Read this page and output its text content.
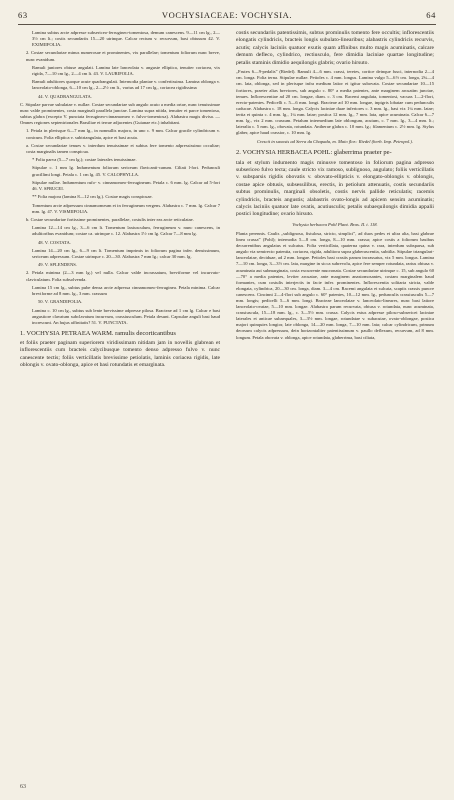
63	VOCHYSIACEAE: VOCHYSIA.	64

Lamina subtus arcte adpresse subsericeo-ferrugineo-tomentosa, demum canescens. 9—11 cm lg., 2—3½ cm lt.; costis secundariis 15—20 utrinque. Calcar rectum v. recurvum, basi obtusum 42. V. EXIMIIFOLIA.

2. Costae secundariae minus numerosae et prominentes, vix parallelae; tomentum foliorum nunc breve, nunc evanidum.

Ramuli juniores obtuse angulati. Lamina late lanceolata v. anguste elliptica, tenuiter coriacea, vix rigida, 7—10 cm lg., 2—4 cm lt. 43. V. LAURIFOLIA.

Ramuli adultiores quoque acute quadrangulati. Internodia plantae v. confertissima. Lamina oblonga v. lanceolato-oblonga, 6—10 cm lg., 2—2½ cm lt., varius ad 17 cm lg., coriacea rigidissima

44. V. QUADRANGULATA.

C. Stipulae parvae subulatae v. nullae. Costae secundariae sub angulo acuto a media ortae, nunc tenuissimae nunc valde prominentes, costa marginali parallela junctae. Lamina supra nitida, tenuiter et parce tomentosa, subtus glabra (excepto V. punctata ferrugineo-cinnamomeo v. fulvo-tomentosa). Alabastra magis divisa. — Omnes regiones septentrionales Brasiliae et terrae adjacentes (Guianae etc.) inhabitant.

1. Petala in plerisque 6—7 mm lg., in nonnullis majora, in uno c. 9 mm. Calcar gracile cylindricum v. conicum. Folia elliptica v. subtriangulata, apice et basi acuta.

a. Costae secundariae tenues v. interdum tenuissimae et subtus fere tomento adpressissimo occultae; costa marginalis tamen conspicua.

* Folia parva (5—7 cm lg.); costae laterales tenuissimae.

Stipulae c. 1 mm lg. Indumentum foliorum sericeum flavicanti-canum. Ciliati l-fori. Pedunculi gracillimi longi. Petala c. 1 cm lg. 45. V. CALOPHYLLA.

Stipulae nullae. Indumentum rufo- v. cinnamomeo-ferrugineum. Petala c. 6 mm. lg. Calcar ad 5-fori 46. V. SPRUCEI.

** Folia majora (lamina 8—12 cm lg.). Costae magis conspicuae.

Tomentum arcte adpressum cinnamomeum et in ferrugineum vergens. Alabastra c. 7 mm. lg. Calcar 7 mm. lg. 47. V. VISMIIFOLIA.

b. Costae secundariae fortissime prominentes, parallelae, costulis inter eas arcte reticulatae.

Lamina 12—14 cm lg., 3—6 cm lt. Tomentum laxiusculum, ferrugineum v. nunc canescens, in adultioribus evanidum; costae ca. utrinque c. 12. Alabastra 1½ cm lg. Calcar 7—8 mm lg.

48. V. COSTATA.

Lamina 14—20 cm lg., 6—9 cm lt. Tomentum imprimis in foliorum pagina infer. densissimum, sericeum adpressum. Costae utrinque c. 20—30. Alabastra 7 mm lg.; calcar 30 mm. lg.

49. V. SPLENDENS.

2. Petala minima (2—3 mm lg.) vel nulla. Calcar valde incrassatum, breviforme vel incurvato-claviculatum. Folia subsolvenda.

Lamina 15 cm lg., subtus pube densa arcte adpressa cinnamomeo-ferruginea. Petala minima. Calcar breviforme ad 8 mm. lg., 3 mm. crassum

50. V. GRANDIFOLIA.

Lamina c. 10 cm lg., subtus sub lente brevissime adpresse pilosa. Bracteae ad 1 cm lg. Calcar e basi angustiore clavatum subclavatum incurvum, crassiusculum. Petala desunt. Capsulae anguli basi haud increscunt. An hujus affinitatis? 51. V. PUNCTATA.

1. VOCHYSIA PETRAEA WARM. ramulis decorticantibus

et foliis praeter paginam superiorem viridissimam nitidam jam in novellis glabrean et inflorescentiis cum bracteis calycibusque tomento denso adpresso fulvo v. nunc canescente tectis; foliis verticillatis brevissime petiolatis, laminis coriacea rigidis, late oblongis v. ovato-oblonga, apice et basi rotundatis et emarginata.

costis secundariis patentissimis, subtus prominulis tomento fere occultis; inflorescentiis elongatis cylindricis, bracteis longis subulato-linearibus; alabastris cylindricis recurvis, acutis; calycis laciniis quatuor exutis quam affinibus multo magis acuminatis, calcare demum defleco, cylindrico, rectiusculo, fere dimidia laciniae quartae longitudine; petalis staminis dimidio aequilongis glabris; ovario hirsuto.

„Frutex 6—9-pedalis” (Riedel). Ramuli 4—6 mm. crassi, teretes, cortice deinque fusci, internodia 2—4 cm. longa. Folia terna. Stipulae nullae. Petioles c. 4 mm. longus. Lamina vulgo 5—6½ cm. longa, 2¾—4 cm. lata, oblonga, sed in plerisque infra medium latior et igitur subovata. Costae secundariae 10—15 fortiores, praeter alias breviores, sub angulo c. 80° a media patentes, ante marginem arcuatim junctae, tenues. Inflorescentiae ad 20 cm. longae, diam. c. 3 cm. Racemi angulata, tomentosi, vacuas 1—2-flori, erecto-patentes. Pedicelli c. 5—6 mm. longi. Bracteae ad 10 mm. longae, inpigris lobatae cum pedunculis caducae. Alabastra c. 18 mm. longa. Calycis laciniae duae inferiores c. 3 mm. lg., basi vix 1¼ mm. latae; tertia et quinta c. 4 mm. lg., 1¼ mm. latae; postica 12 mm. lg., 7 mm. lata, apice acuminata. Calcar 6—7 mm. lg., vix 2 mm. crassum. Petalum intermedium late oblongum, acutum, c. 7 mm. lg., 3—4 mm. lt.; lateralia c. 5 mm. lg., obovata, rotundata. Antherae glabra c. 10 mm. lg.; filamentum c. 2½ mm. lg. Stylus glaber, apice haud crassior, c. 10 mm. lg.

Crescit in saxosis ad Serra da Chapada, m. Maio flor.: Riedel (herb. Imp. Petropol.).

2. VOCHYSIA HERBACEA POHL: glaberrima praeter pe-

tala et stylum indumento magis minusve tomentoso in foliorum pagina adpresso subsericeo fulvo tecta; caule stricto vix ramoso, sublignoso, angulato; foliis verticillatis v. subsparsis rigidis obovatis v. obovato-ellipticis v. elongato-oblongis v. oblongis, costae apice obtusis, subsessilibus, erectis, in petiolum attenuatis, costis secundariis subtus prominulis, marginali obsoletis, costis nervis pallide reticulatis; racemis cylindricis, bracteis angustis; alabastris ovato-longis ad apicem sensim acuminatis; calycis laciniis quatuor late ovatis, acutiusculis; petalis subaequilongis dimidia appalii postici longitudine; ovario hirsuto.

Vochysia herbacea Pohl Plant. Bras. II. t. 118.

Planta perennis. Caulis „sublignosa, fistulosa, stricto, simplici”, ad duos pedes et ultra alta, basi glabrae linea crassa” (Pohl); internodia 5—8 cm. longa, 8—10 mm. crassa; apice costis a foliorum basibus decurrentibus angulatus et sulcatus. Folia verticillata, quaterna quina v. rara, interdum subsparsa, sub angulo via semirecto patentia, coriacea, rigida, adultiora supra glaberascentia, subtilia. Stipulae triangulari-lanceolatae, deciduae, ad 2 mm. longae. Petioles basi crasiis parum incrassatus, vix 5 mm. longus. Lamina 7—10 cm. longa, 3—3½ cm. lata, margine in sicca subrevolu, apice fere semper rotundata, rarius obtusa v. acuminata aut submarginata, costa excurrente mucronata. Costae secundariae utrinque c. 15, sub angulo 60—70° a media patentes, leviter arcuatae, ante marginem anastomosantes, costam marginalem haud formantes, cum costulis interjectis in facie infer. prominentes. Inflorescentia solitaria stricta, valde elongata, cylindrica, 20—30 cm. longa, diam. 3—4 cm. Racemi angulata et sulcata, scapiis crassis puncre canescens. Cincinni 2—4-flori sub angulo c. 60° patentes, 10—12 mm. lg., pedunculis crassiusculis 5—7 mm. longis; pedicelli 5—6 mm. longi. Bracteae lanceolatae v. lanceolato-lineares, nunc basi latiore lanceolato-ovatae, 5—10 mm. longae. Alabastra parum recurvata, obtusa v. rotundata, nunc acuminata, crassiuscula, 15—18 mm. lg., c. 3—5½ mm. crassa. Calycis extus adpresse piloso-subsericei laciniae laterales et anticae subaequales, 3—3½ mm. longae, rotundatae v. subacutae, ovato-oblongae, postica majori quinquies longior, late oblonga, 14—20 mm. longa, 7—10 mm. lata; calcar cylindricum, primum deorsum calycis adpressum, dein horizontaliter patentissimum v. paullo deflexum, recurvum, ad 8 mm. longum. Petala obovata v. oblonga, apice rotundata, glaberrima, basi ciliata,

63
